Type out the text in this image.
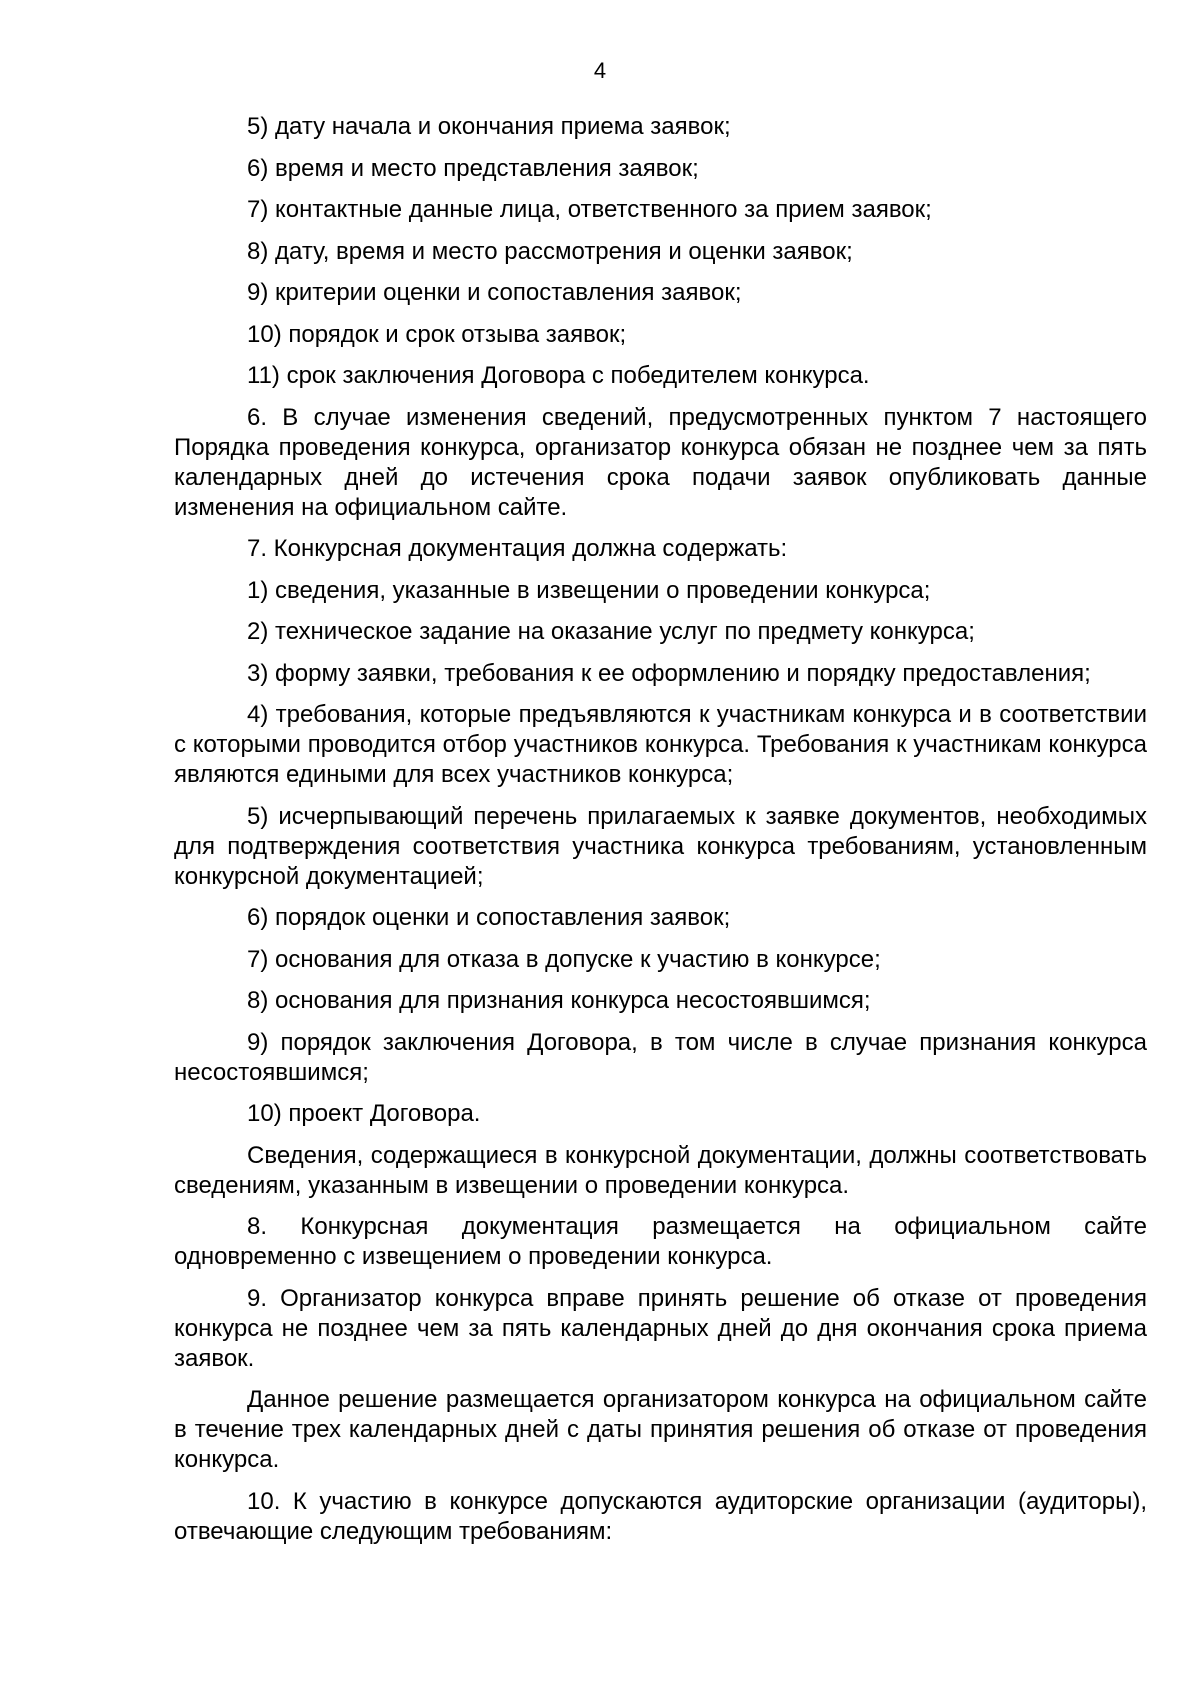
4

5) дату начала и окончания приема заявок;

6) время и место представления заявок;

7) контактные данные лица, ответственного за прием заявок;

8) дату, время и место рассмотрения и оценки заявок;

9) критерии оценки и сопоставления заявок;

10) порядок и срок отзыва заявок;

11) срок заключения Договора с победителем конкурса.

6. В случае изменения сведений, предусмотренных пунктом 7 настоящего Порядка проведения конкурса, организатор конкурса обязан не позднее чем за пять календарных дней до истечения срока подачи заявок опубликовать данные изменения на официальном сайте.

7. Конкурсная документация должна содержать:

1) сведения, указанные в извещении о проведении конкурса;

2) техническое задание на оказание услуг по предмету конкурса;

3) форму заявки, требования к ее оформлению и порядку предоставления;

4) требования, которые предъявляются к участникам конкурса и в соответствии с которыми проводится отбор участников конкурса. Требования к участникам конкурса являются едиными для всех участников конкурса;

5) исчерпывающий перечень прилагаемых к заявке документов, необходимых для подтверждения соответствия участника конкурса требованиям, установленным конкурсной документацией;

6) порядок оценки и сопоставления заявок;

7) основания для отказа в допуске к участию в конкурсе;

8) основания для признания конкурса несостоявшимся;

9) порядок заключения Договора, в том числе в случае признания конкурса несостоявшимся;

10) проект Договора.

Сведения, содержащиеся в конкурсной документации, должны соответствовать сведениям, указанным в извещении о проведении конкурса.

8. Конкурсная документация размещается на официальном сайте одновременно с извещением о проведении конкурса.

9. Организатор конкурса вправе принять решение об отказе от проведения конкурса не позднее чем за пять календарных дней до дня окончания срока приема заявок.

Данное решение размещается организатором конкурса на официальном сайте в течение трех календарных дней с даты принятия решения об отказе от проведения конкурса.

10. К участию в конкурсе допускаются аудиторские организации (аудиторы), отвечающие следующим требованиям:
